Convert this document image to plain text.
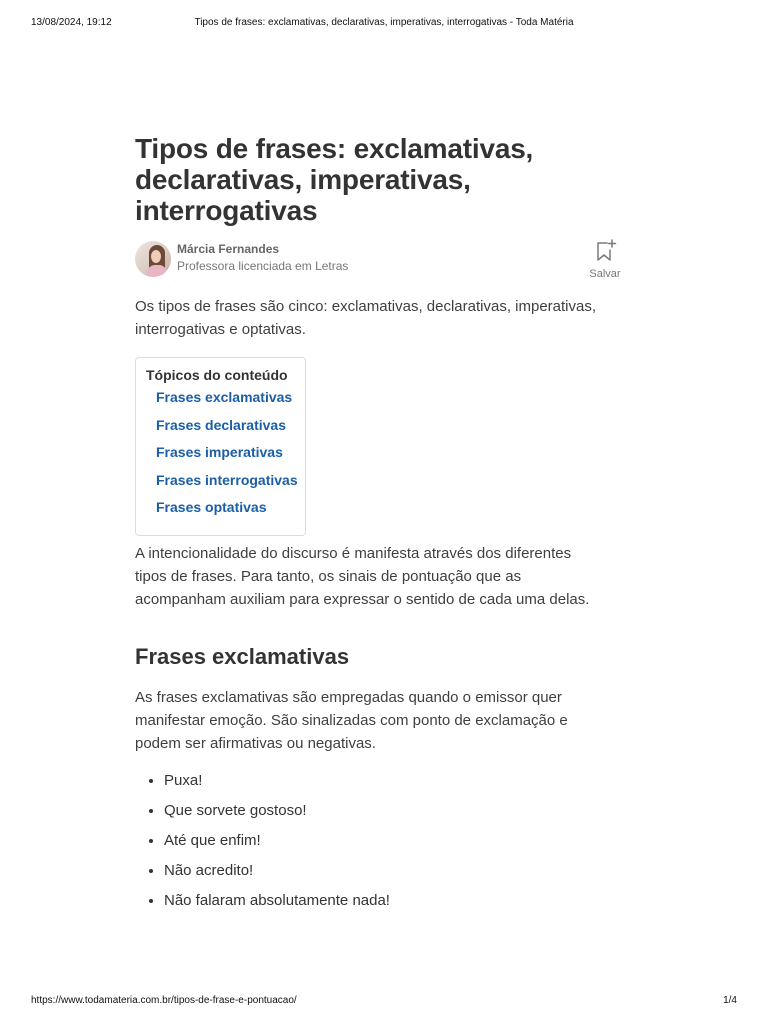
13/08/2024, 19:12	Tipos de frases: exclamativas, declarativas, imperativas, interrogativas - Toda Matéria
Tipos de frases: exclamativas,
declarativas, imperativas,
interrogativas
Márcia Fernandes
Professora licenciada em Letras
Salvar

Os tipos de frases são cinco: exclamativas, declarativas, imperativas,
interrogativas e optativas.

Tópicos do conteúdo
Frases exclamativas
Frases declarativas
Frases imperativas
Frases interrogativas
Frases optativas

A intencionalidade do discurso é manifesta através dos diferentes
tipos de frases. Para tanto, os sinais de pontuação que as
acompanham auxiliam para expressar o sentido de cada uma delas.

Frases exclamativas

As frases exclamativas são empregadas quando o emissor quer
manifestar emoção. São sinalizadas com ponto de exclamação e
podem ser afirmativas ou negativas.

• Puxa!
• Que sorvete gostoso!
• Até que enfim!
• Não acredito!
• Não falaram absolutamente nada!
https://www.todamateria.com.br/tipos-de-frase-e-pontuacao/	1/4
